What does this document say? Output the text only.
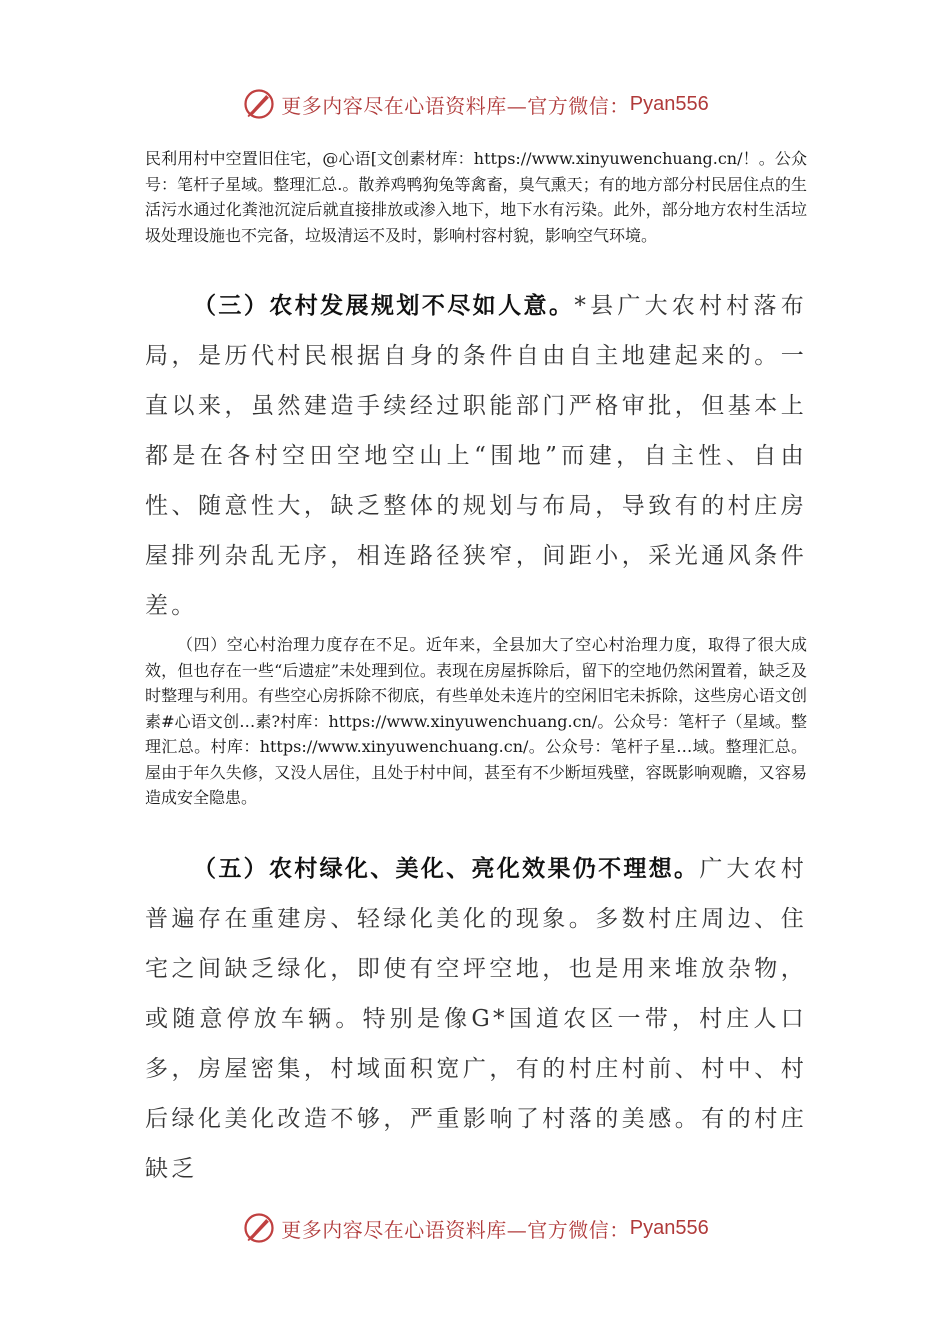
更多内容尽在心语资料库—官方微信： Pyan556

民利用村中空置旧住宅，@心语[文创素材库：https://www.xinyuwenchuang.cn/！。公众号：笔杆子星域。整理汇总.。散养鸡鸭狗兔等禽畜，臭气熏天；有的地方部分村民居住点的生活污水通过化粪池沉淀后就直接排放或渗入地下，地下水有污染。此外，部分地方农村生活垃圾处理设施也不完备，垃圾清运不及时，影响村容村貌，影响空气环境。

（三）农村发展规划不尽如人意。*县广大农村村落布局，是历代村民根据自身的条件自由自主地建起来的。一直以来，虽然建造手续经过职能部门严格审批，但基本上都是在各村空田空地空山上“围地”而建，自主性、自由性、随意性大，缺乏整体的规划与布局，导致有的村庄房屋排列杂乱无序，相连路径狭窄，间距小，采光通风条件差。

（四）空心村治理力度存在不足。近年来，全县加大了空心村治理力度，取得了很大成效，但也存在一些“后遗症”未处理到位。表现在房屋拆除后，留下的空地仍然闲置着，缺乏及时整理与利用。有些空心房拆除不彻底，有些单处未连片的空闲旧宅未拆除，这些房心语文创素#心语文创…素?村库：https://www.xinyuwenchuang.cn/。公众号：笔杆子（星域。整理汇总。村库：https://www.xinyuwenchuang.cn/。公众号：笔杆子星…域。整理汇总。屋由于年久失修，又没人居住，且处于村中间，甚至有不少断垣残壁，容既影响观瞻，又容易造成安全隐患。

（五）农村绿化、美化、亮化效果仍不理想。广大农村普遍存在重建房、轻绿化美化的现象。多数村庄周边、住宅之间缺乏绿化，即使有空坪空地，也是用来堆放杂物，或随意停放车辆。特别是像G*国道农区一带，村庄人口多，房屋密集，村域面积宽广，有的村庄村前、村中、村后绿化美化改造不够，严重影响了村落的美感。有的村庄缺乏

更多内容尽在心语资料库—官方微信： Pyan556
